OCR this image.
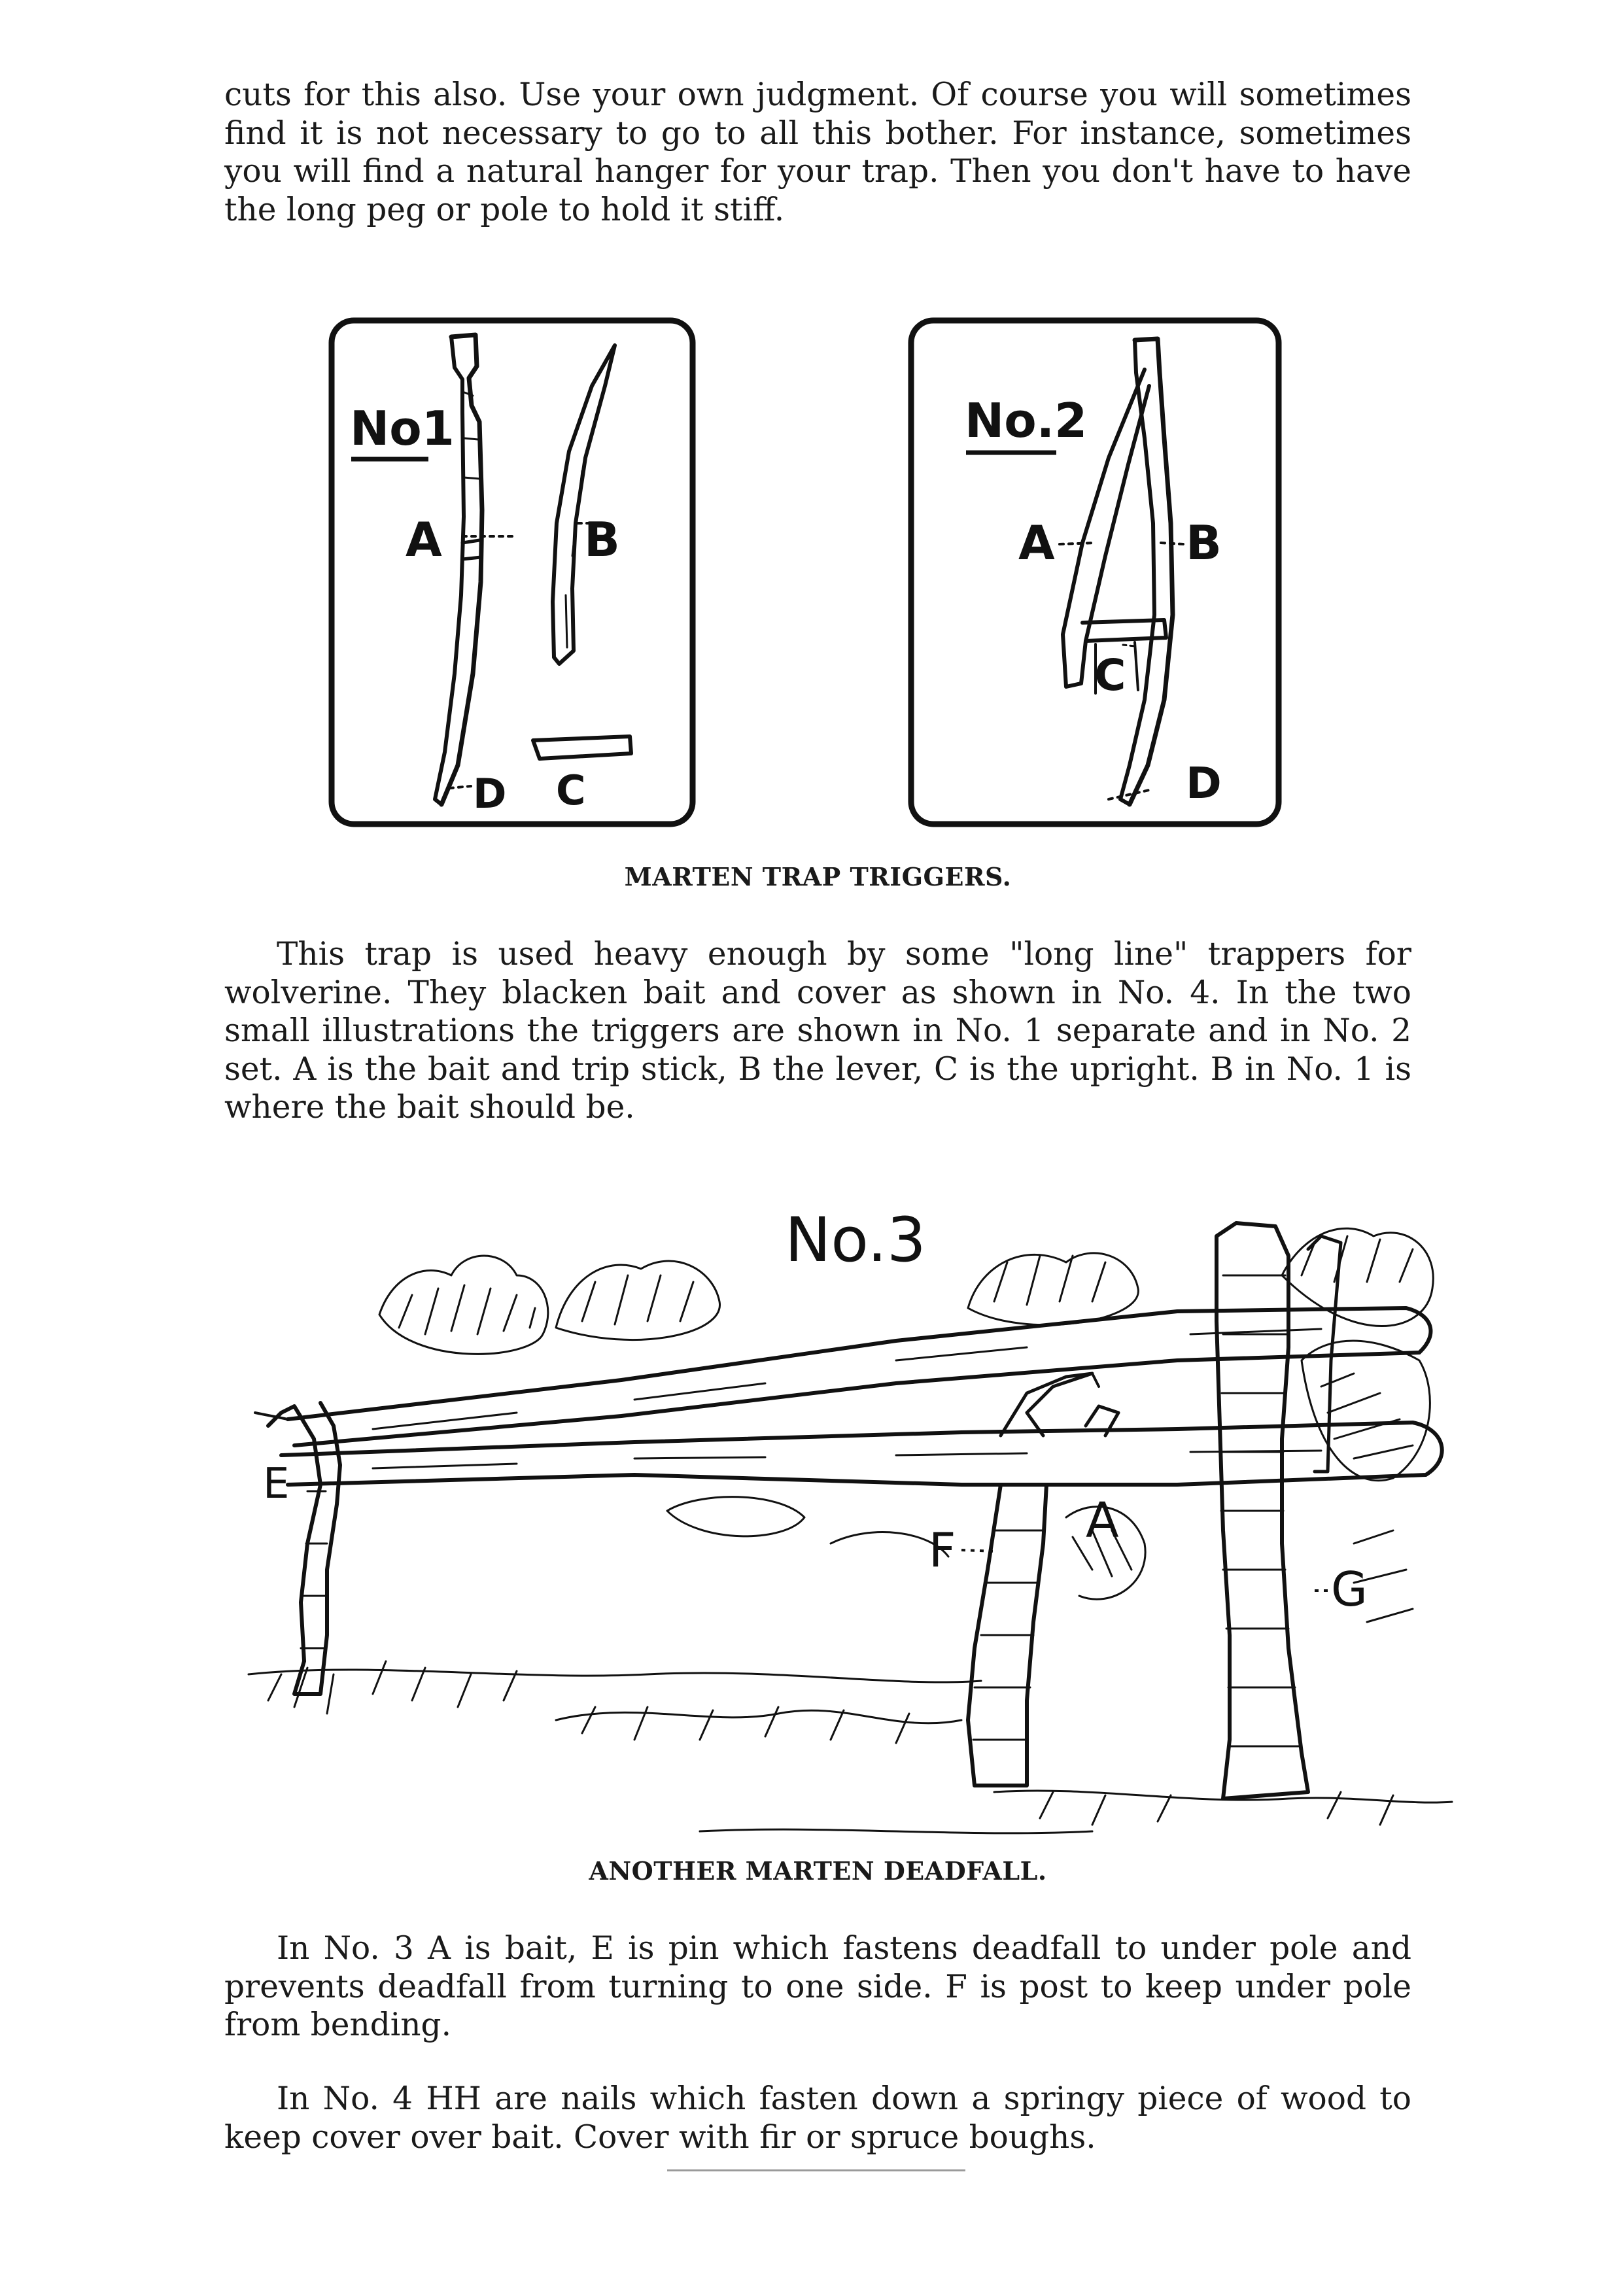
cuts for this also. Use your own judgment. Of course you will sometimes find it is not necessary to go to all this bother. For instance, sometimes you will find a natural hanger for your trap. Then you don't have to have the long peg or pole to hold it stiff.

No1
A	B
C
D
No.2
A	B
C
D
MARTEN TRAP TRIGGERS.

This trap is used heavy enough by some "long line" trappers for wolverine. They blacken bait and cover as shown in No. 4. In the two small illustrations the triggers are shown in No. 1 separate and in No. 2 set. A is the bait and trip stick, B the lever, C is the upright. B in No. 1 is where the bait should be.

No.3
A
E
F
G
ANOTHER MARTEN DEADFALL.

In No. 3 A is bait, E is pin which fastens deadfall to under pole and prevents deadfall from turning to one side. F is post to keep under pole from bending.

In No. 4 HH are nails which fasten down a springy piece of wood to keep cover over bait. Cover with fir or spruce boughs.
